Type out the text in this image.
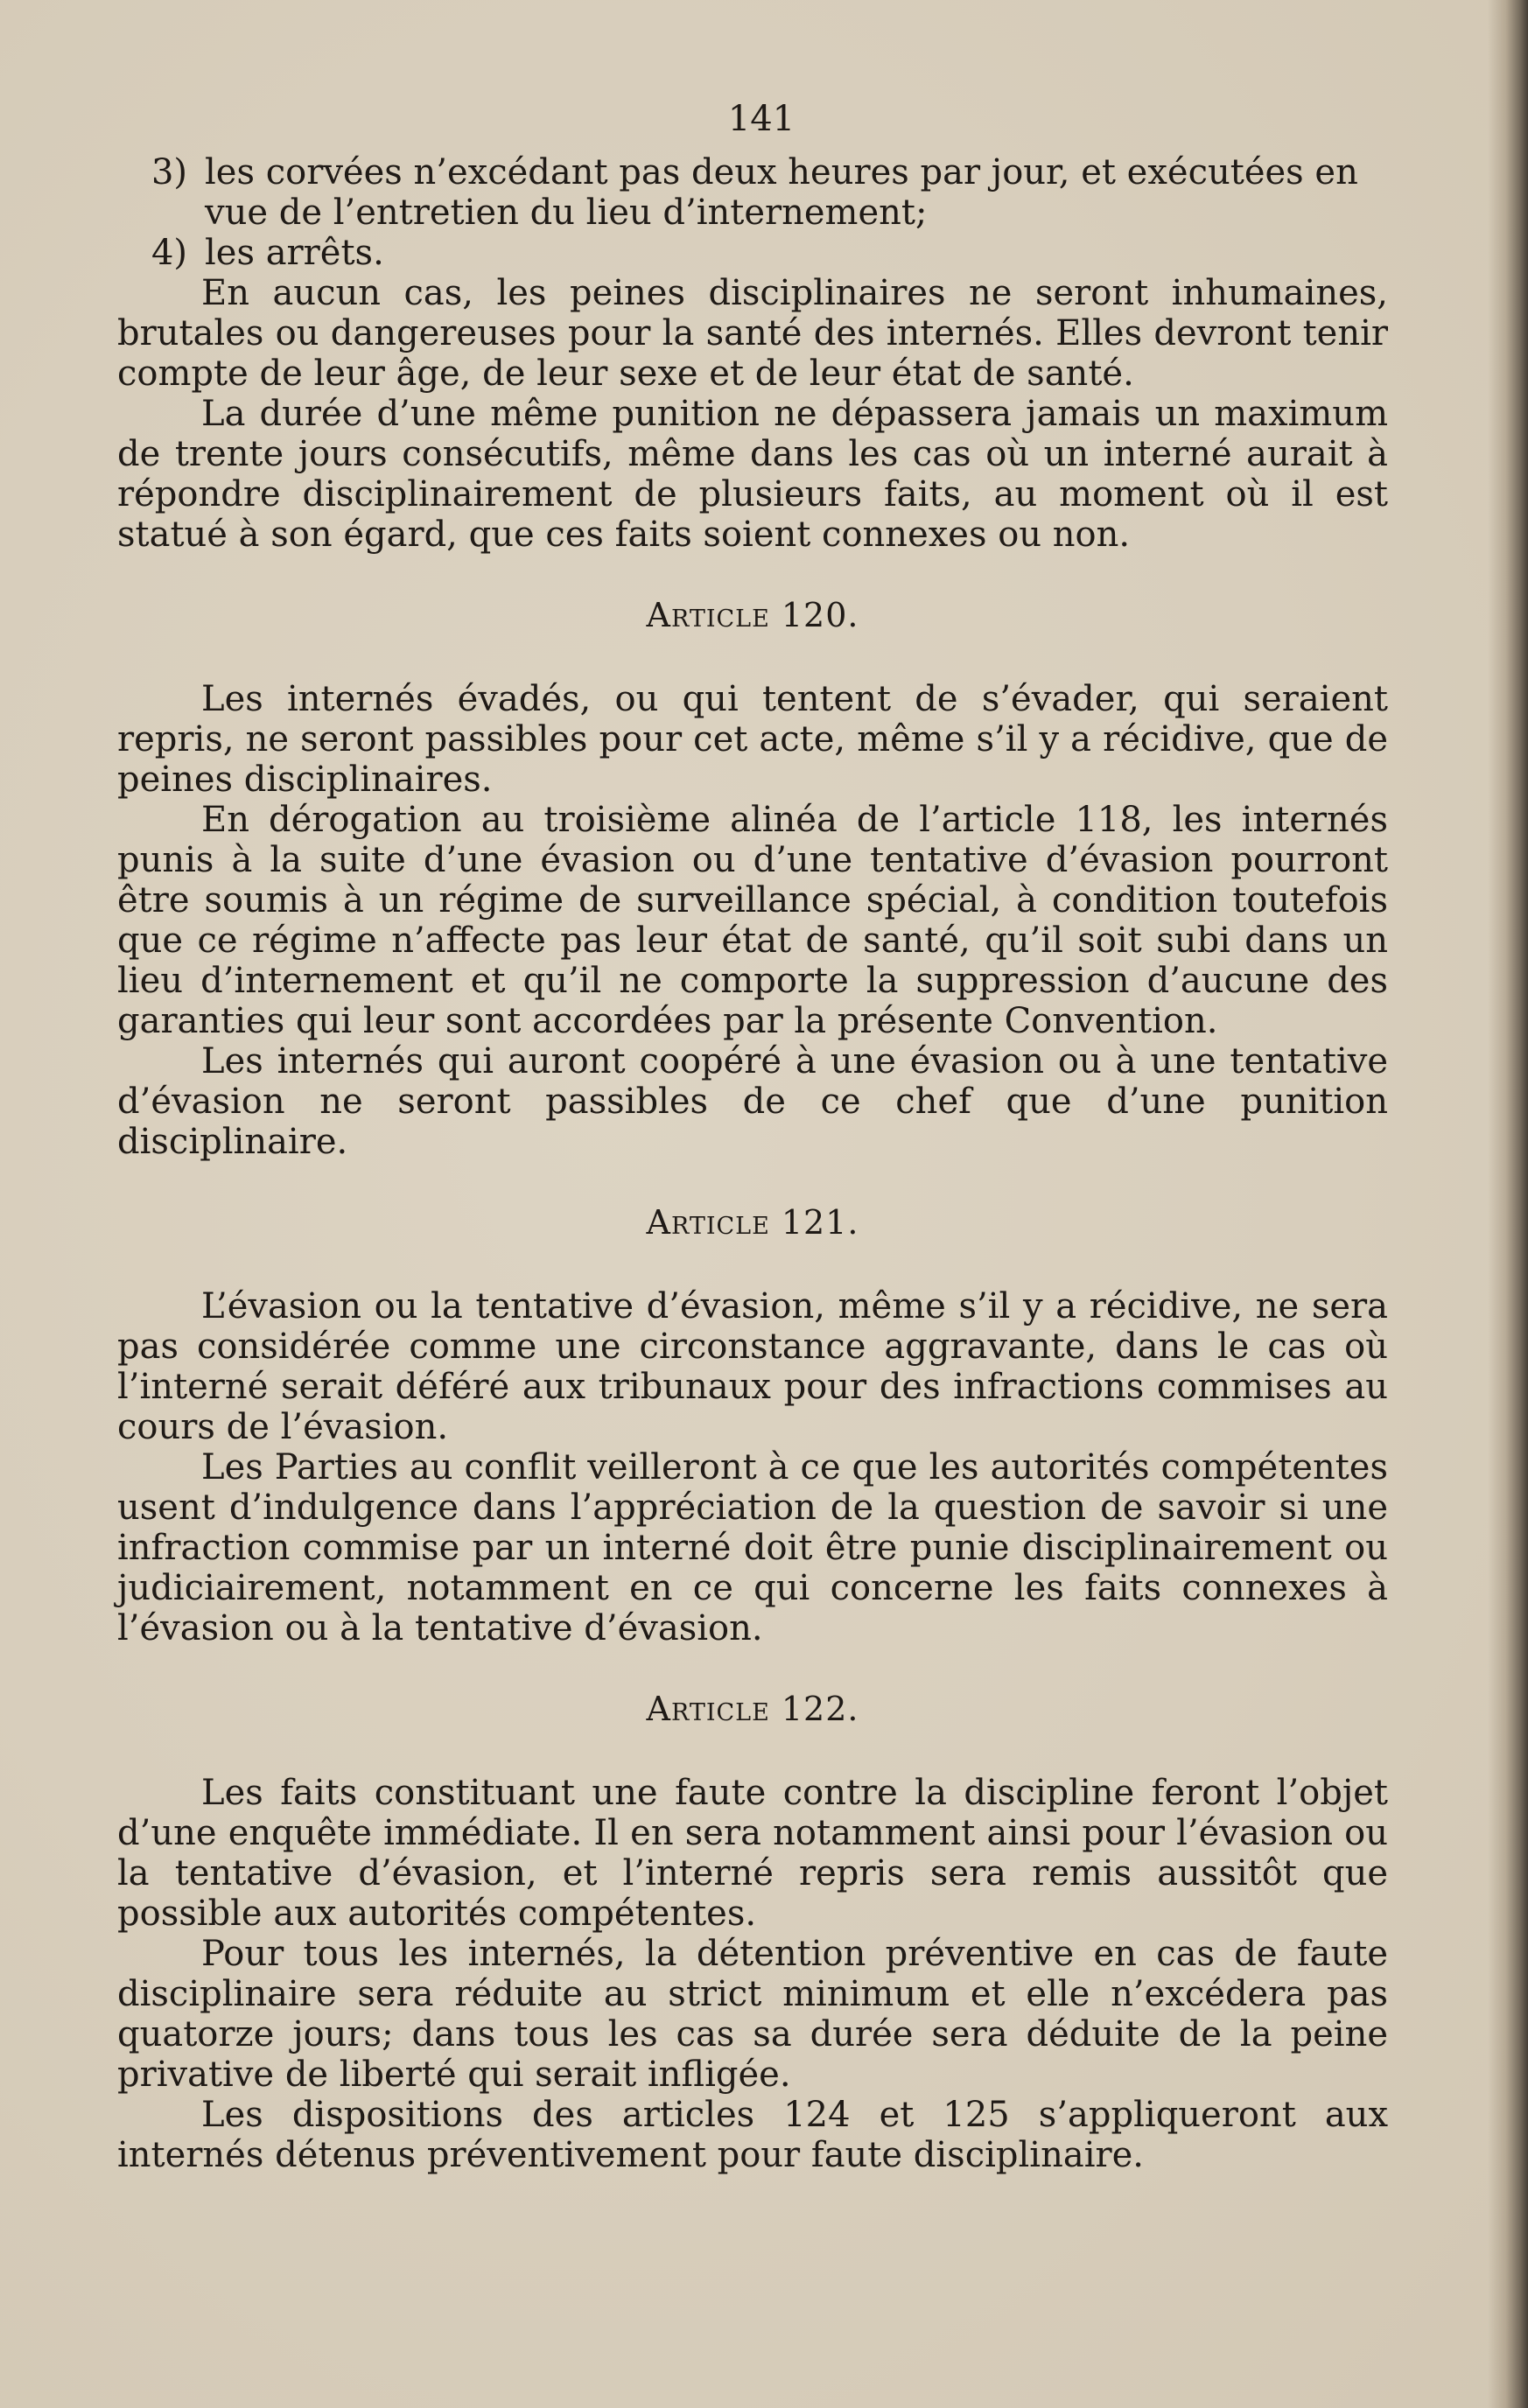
141
3) les corvées n’excédant pas deux heures par jour, et exécutées en vue de l’entretien du lieu d’internement;
4) les arrêts.

En aucun cas, les peines disciplinaires ne seront inhumaines, brutales ou dangereuses pour la santé des internés. Elles devront tenir compte de leur âge, de leur sexe et de leur état de santé.

La durée d’une même punition ne dépassera jamais un maximum de trente jours consécutifs, même dans les cas où un interné aurait à répondre disciplinairement de plusieurs faits, au moment où il est statué à son égard, que ces faits soient connexes ou non.

Article 120.

Les internés évadés, ou qui tentent de s’évader, qui seraient repris, ne seront passibles pour cet acte, même s’il y a récidive, que de peines disciplinaires.

En dérogation au troisième alinéa de l’article 118, les internés punis à la suite d’une évasion ou d’une tentative d’évasion pourront être soumis à un régime de surveillance spécial, à condition toutefois que ce régime n’affecte pas leur état de santé, qu’il soit subi dans un lieu d’internement et qu’il ne comporte la suppression d’aucune des garanties qui leur sont accordées par la présente Convention.

Les internés qui auront coopéré à une évasion ou à une tentative d’évasion ne seront passibles de ce chef que d’une punition disciplinaire.

Article 121.

L’évasion ou la tentative d’évasion, même s’il y a récidive, ne sera pas considérée comme une circonstance aggravante, dans le cas où l’interné serait déféré aux tribunaux pour des infractions commises au cours de l’évasion.

Les Parties au conflit veilleront à ce que les autorités compétentes usent d’indulgence dans l’appréciation de la question de savoir si une infraction commise par un interné doit être punie disciplinairement ou judiciairement, notamment en ce qui concerne les faits connexes à l’évasion ou à la tentative d’évasion.

Article 122.

Les faits constituant une faute contre la discipline feront l’objet d’une enquête immédiate. Il en sera notamment ainsi pour l’évasion ou la tentative d’évasion, et l’interné repris sera remis aussitôt que possible aux autorités compétentes.

Pour tous les internés, la détention préventive en cas de faute disciplinaire sera réduite au strict minimum et elle n’excédera pas quatorze jours; dans tous les cas sa durée sera déduite de la peine privative de liberté qui serait infligée.

Les dispositions des articles 124 et 125 s’appliqueront aux internés détenus préventivement pour faute disciplinaire.
